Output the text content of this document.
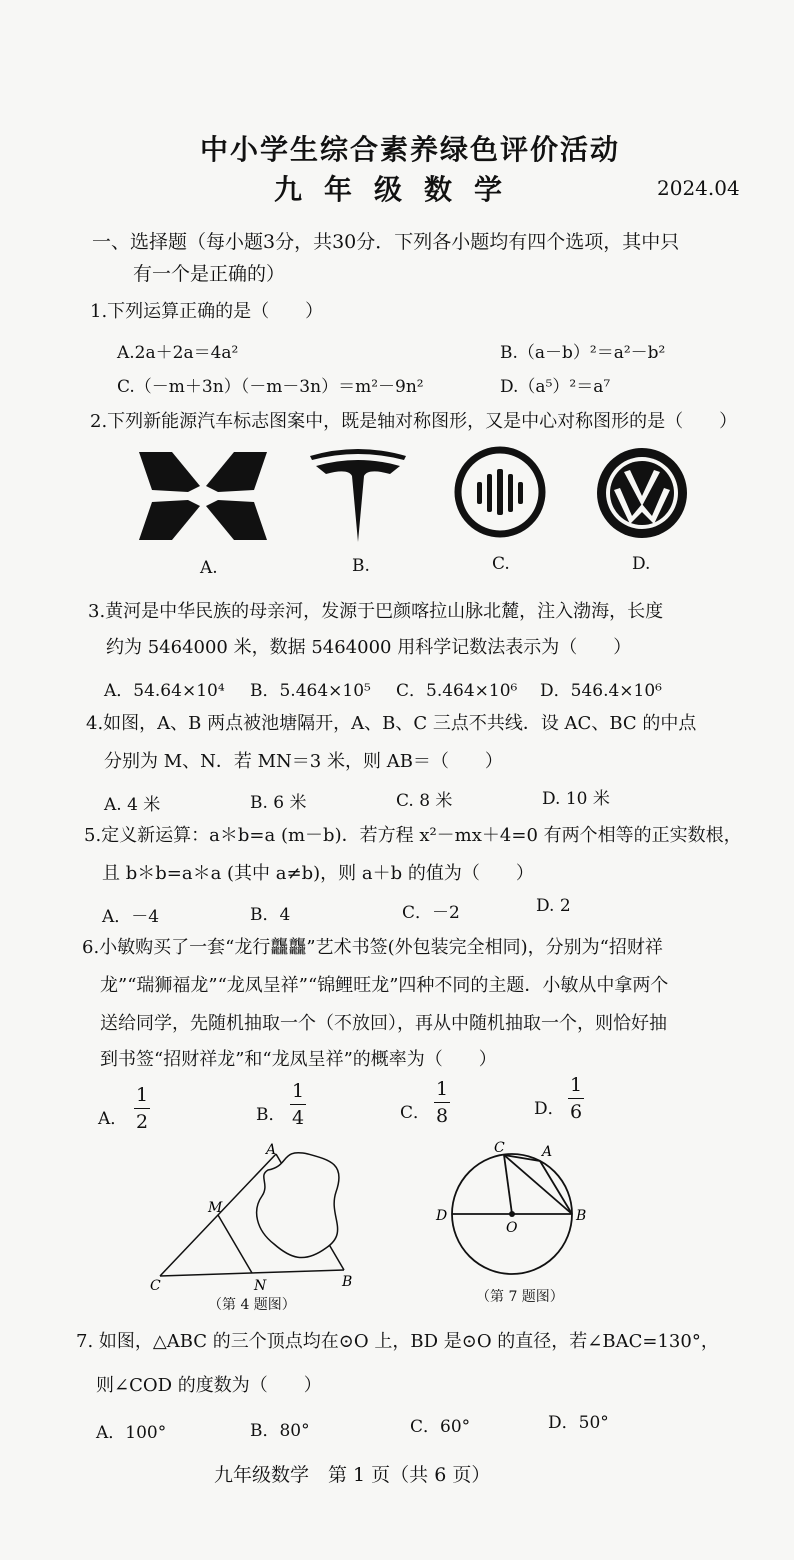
中小学生综合素养绿色评价活动
九年级数学	2024.04
一、选择题（每小题3分，共30分．下列各小题均有四个选项，其中只
有一个是正确的）
1.下列运算正确的是（　　）
A.2a＋2a＝4a²	B.（a－b）²＝a²－b²
C.（－m＋3n）（－m－3n）＝m²－9n²	D.（a⁵）²＝a⁷
2.下列新能源汽车标志图案中，既是轴对称图形，又是中心对称图形的是（　　）
A.	B.	C.	D.
3.黄河是中华民族的母亲河，发源于巴颜喀拉山脉北麓，注入渤海，长度
约为 5464000 米，数据 5464000 用科学记数法表示为（　　）
A．54.64×10⁴ B．5.464×10⁵ C．5.464×10⁶ D．546.4×10⁶
4.如图，A、B 两点被池塘隔开，A、B、C 三点不共线．设 AC、BC 的中点
分别为 M、N．若 MN＝3 米，则 AB＝（　　）
A. 4 米	B. 6 米	C. 8 米	D. 10 米
5.定义新运算：a＊b=a (m－b)．若方程 x²－mx＋4=0 有两个相等的正实数根，
且 b＊b=a＊a (其中 a≠b)，则 a＋b 的值为（　　）
A．－4	B．4	C．－2	D. 2
6.小敏购买了一套“龙行龘龘”艺术书签(外包装完全相同)，分别为“招财祥
龙”“瑞狮福龙”“龙凤呈祥”“锦鲤旺龙”四种不同的主题．小敏从中拿两个
送给同学，先随机抽取一个（不放回），再从中随机抽取一个，则恰好抽
到书签“招财祥龙”和“龙凤呈祥”的概率为（　　）
A．
1
2	B．
1
4	C．
1
8	D．
1
6
A
M
C	N	B
（第 4 题图）
C	A
D
O
B
（第 7 题图）
7. 如图，△ABC 的三个顶点均在⊙O 上，BD 是⊙O 的直径，若∠BAC=130°，
则∠COD 的度数为（　　）
A．100°	B．80°	C．60°	D．50°
九年级数学　第 1 页（共 6 页）
